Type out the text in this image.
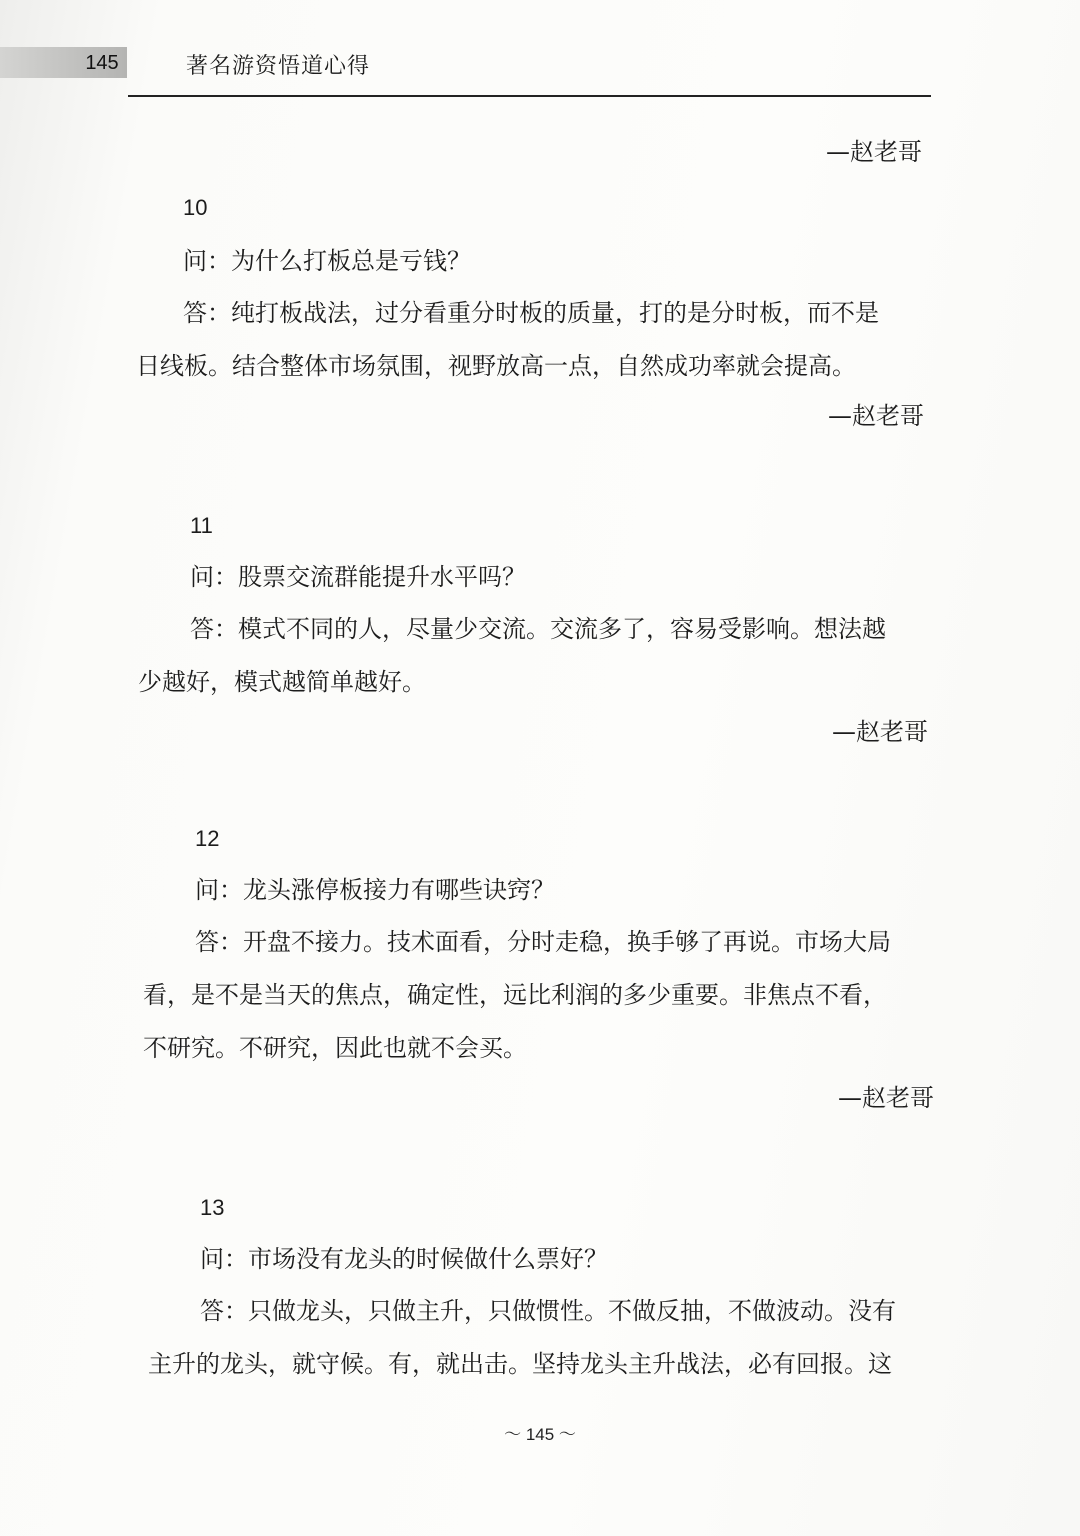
145	著名游资悟道心得
—赵老哥
10
问：为什么打板总是亏钱？
答：纯打板战法，过分看重分时板的质量，打的是分时板，而不是
日线板。结合整体市场氛围，视野放高一点，自然成功率就会提高。
—赵老哥
11
问：股票交流群能提升水平吗？
答：模式不同的人，尽量少交流。交流多了，容易受影响。想法越
少越好，模式越简单越好。
—赵老哥
12
问：龙头涨停板接力有哪些诀窍？
答：开盘不接力。技术面看，分时走稳，换手够了再说。市场大局
看，是不是当天的焦点，确定性，远比利润的多少重要。非焦点不看，
不研究。不研究，因此也就不会买。
—赵老哥
13
问：市场没有龙头的时候做什么票好？
答：只做龙头，只做主升，只做惯性。不做反抽，不做波动。没有
主升的龙头，就守候。有，就出击。坚持龙头主升战法，必有回报。这
～ 145 ～
